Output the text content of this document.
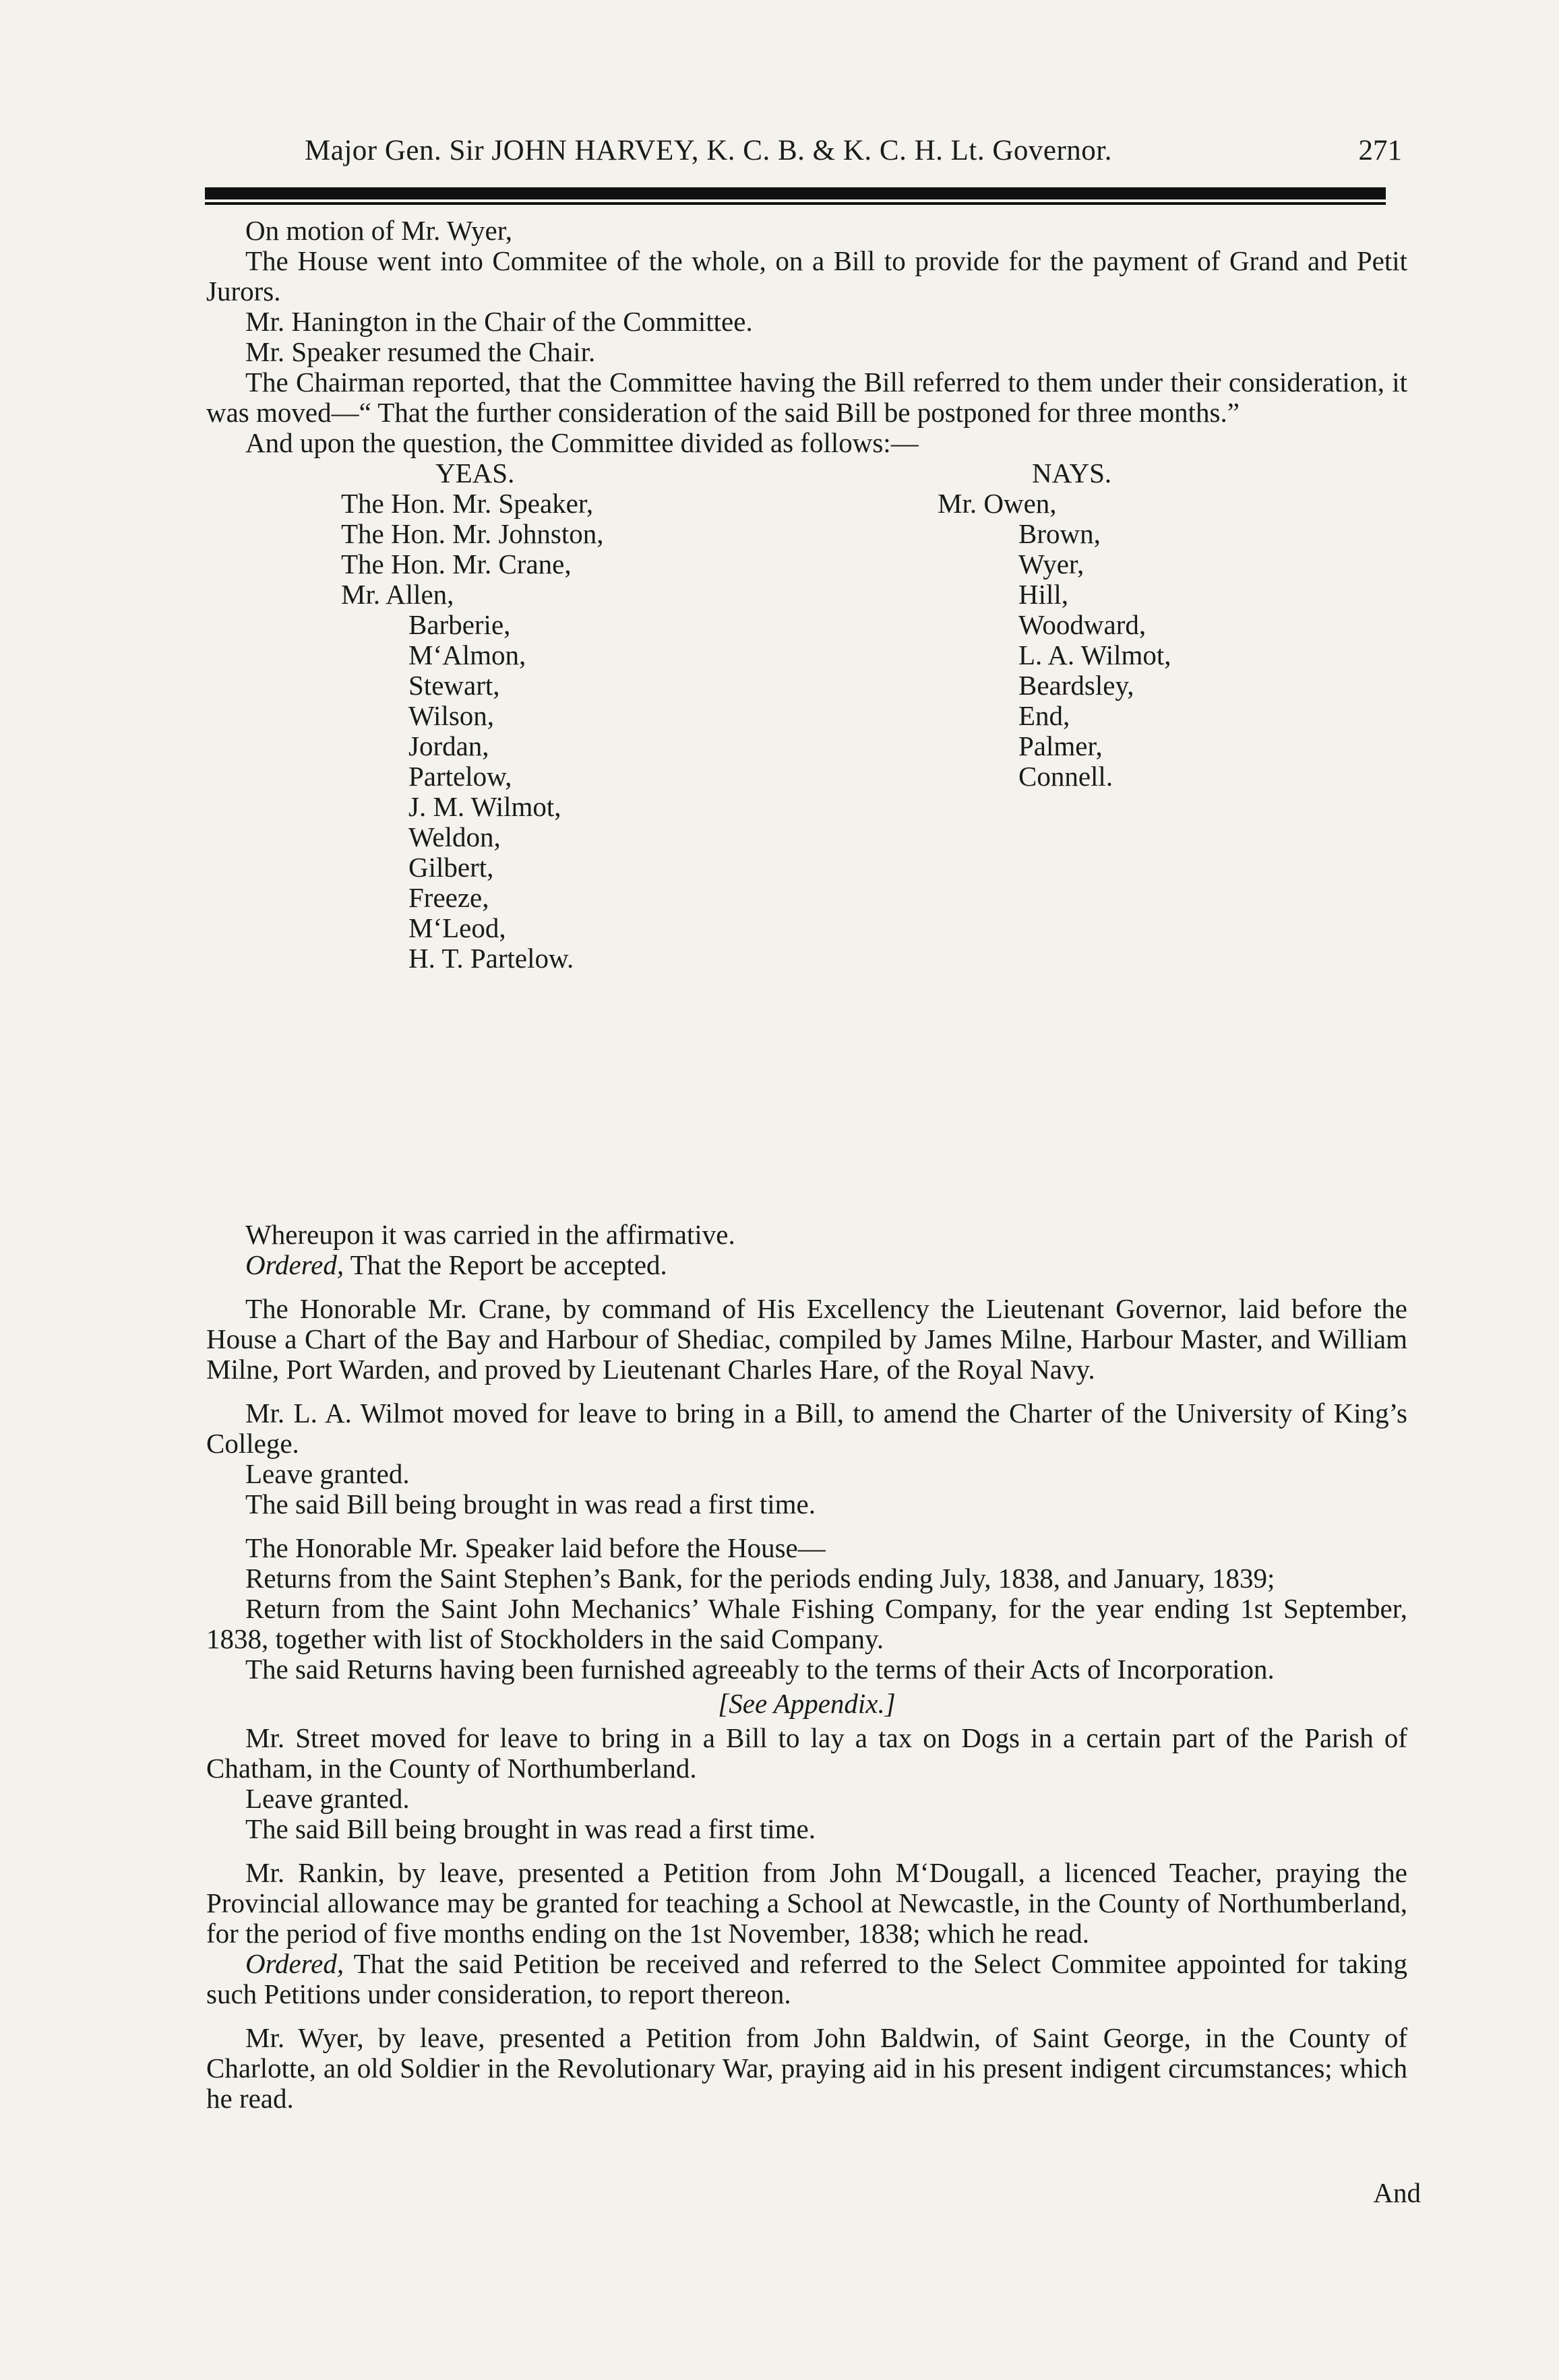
Major Gen. Sir JOHN HARVEY, K. C. B. & K. C. H. Lt. Governor.	271

On motion of Mr. Wyer,

The House went into Commitee of the whole, on a Bill to provide for the payment of Grand and Petit Jurors.

Mr. Hanington in the Chair of the Committee.

Mr. Speaker resumed the Chair.

The Chairman reported, that the Committee having the Bill referred to them under their consideration, it was moved—“ That the further consideration of the said Bill be postponed for three months.”

And upon the question, the Committee divided as follows:—

YEAS.

The Hon. Mr. Speaker,

The Hon. Mr. Johnston,

The Hon. Mr. Crane,

Mr. Allen,

Barberie,

M‘Almon,

Stewart,

Wilson,

Jordan,

Partelow,

J. M. Wilmot,

Weldon,

Gilbert,

Freeze,

M‘Leod,

H. T. Partelow.

NAYS.

Mr. Owen,

Brown,

Wyer,

Hill,

Woodward,

L. A. Wilmot,

Beardsley,

End,

Palmer,

Connell.

Whereupon it was carried in the affirmative.

Ordered, That the Report be accepted.

The Honorable Mr. Crane, by command of His Excellency the Lieutenant Governor, laid before the House a Chart of the Bay and Harbour of Shediac, compiled by James Milne, Harbour Master, and William Milne, Port Warden, and proved by Lieutenant Charles Hare, of the Royal Navy.

Mr. L. A. Wilmot moved for leave to bring in a Bill, to amend the Charter of the University of King’s College.

Leave granted.

The said Bill being brought in was read a first time.

The Honorable Mr. Speaker laid before the House—

Returns from the Saint Stephen’s Bank, for the periods ending July, 1838, and January, 1839;

Return from the Saint John Mechanics’ Whale Fishing Company, for the year ending 1st September, 1838, together with list of Stockholders in the said Company.

The said Returns having been furnished agreeably to the terms of their Acts of Incorporation.

[See Appendix.]

Mr. Street moved for leave to bring in a Bill to lay a tax on Dogs in a certain part of the Parish of Chatham, in the County of Northumberland.

Leave granted.

The said Bill being brought in was read a first time.

Mr. Rankin, by leave, presented a Petition from John M‘Dougall, a licenced Teacher, praying the Provincial allowance may be granted for teaching a School at Newcastle, in the County of Northumberland, for the period of five months ending on the 1st November, 1838; which he read.

Ordered, That the said Petition be received and referred to the Select Commitee appointed for taking such Petitions under consideration, to report thereon.

Mr. Wyer, by leave, presented a Petition from John Baldwin, of Saint George, in the County of Charlotte, an old Soldier in the Revolutionary War, praying aid in his present indigent circumstances; which he read.

And
